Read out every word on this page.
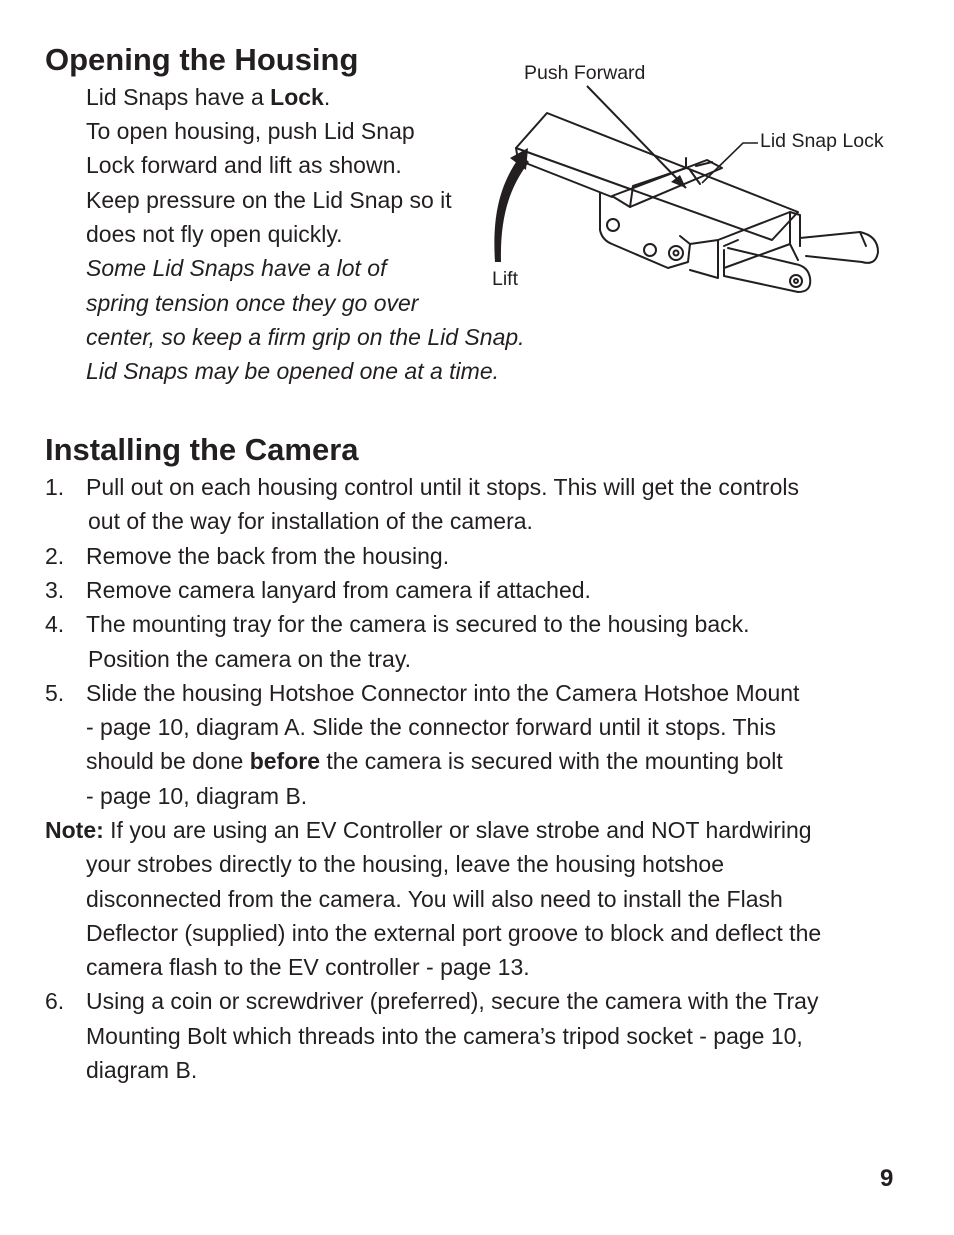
Opening the Housing
Lid Snaps have a Lock.
To open housing, push Lid Snap
Lock forward and lift as shown.
Keep pressure on the Lid Snap so it
does not fly open quickly.
Some Lid Snaps have a lot of
spring tension once they go over
center, so keep a firm grip on the Lid Snap.
Lid Snaps may be opened one at a time.
Push Forward
Lid Snap Lock
Lift
Installing the Camera
1. Pull out on each housing control until it stops. This will get the controls
out of the way for installation of the camera.
2. Remove the back from the housing.
3. Remove camera lanyard from camera if attached.
4. The mounting tray for the camera is secured to the housing back.
Position the camera on the tray.
5. Slide the housing Hotshoe Connector into the Camera Hotshoe Mount
- page 10, diagram A. Slide the connector forward until it stops. This
should be done before the camera is secured with the mounting bolt
- page 10, diagram B.
Note: If you are using an EV Controller or slave strobe and NOT hardwiring
your strobes directly to the housing, leave the housing hotshoe
disconnected from the camera. You will also need to install the Flash
Deflector (supplied) into the external port groove to block and deflect the
camera flash to the EV controller - page 13.
6. Using a coin or screwdriver (preferred), secure the camera with the Tray
Mounting Bolt which threads into the camera’s tripod socket - page 10,
diagram B.
9
